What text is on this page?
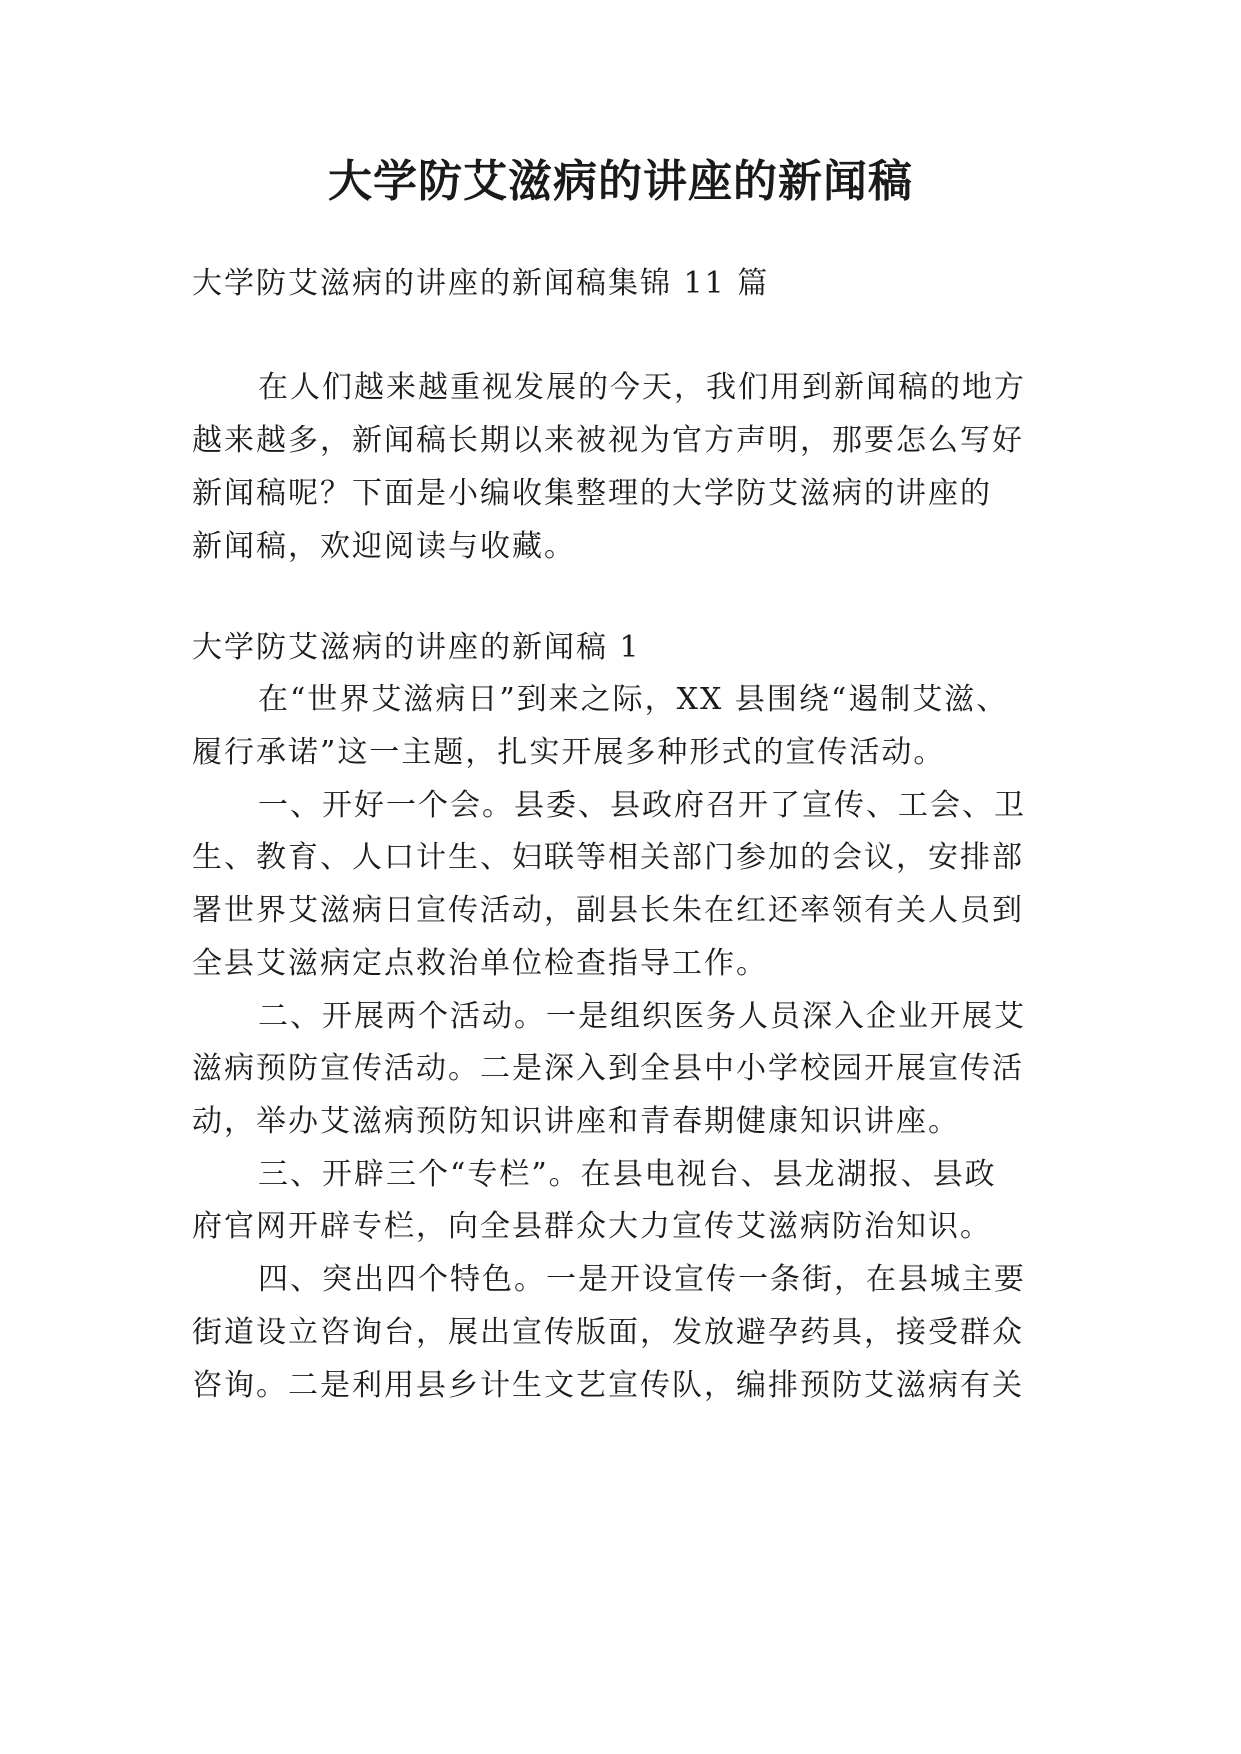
大学防艾滋病的讲座的新闻稿
大学防艾滋病的讲座的新闻稿集锦 11 篇
在人们越来越重视发展的今天，我们用到新闻稿的地方
越来越多，新闻稿长期以来被视为官方声明，那要怎么写好
新闻稿呢？下面是小编收集整理的大学防艾滋病的讲座的
新闻稿，欢迎阅读与收藏。
大学防艾滋病的讲座的新闻稿 1
在“世界艾滋病日”到来之际，XX 县围绕“遏制艾滋、
履行承诺”这一主题，扎实开展多种形式的宣传活动。
一、开好一个会。县委、县政府召开了宣传、工会、卫
生、教育、人口计生、妇联等相关部门参加的会议，安排部
署世界艾滋病日宣传活动，副县长朱在红还率领有关人员到
全县艾滋病定点救治单位检查指导工作。
二、开展两个活动。一是组织医务人员深入企业开展艾
滋病预防宣传活动。二是深入到全县中小学校园开展宣传活
动，举办艾滋病预防知识讲座和青春期健康知识讲座。
三、开辟三个“专栏”。在县电视台、县龙湖报、县政
府官网开辟专栏，向全县群众大力宣传艾滋病防治知识。
四、突出四个特色。一是开设宣传一条街，在县城主要
街道设立咨询台，展出宣传版面，发放避孕药具，接受群众
咨询。二是利用县乡计生文艺宣传队，编排预防艾滋病有关
